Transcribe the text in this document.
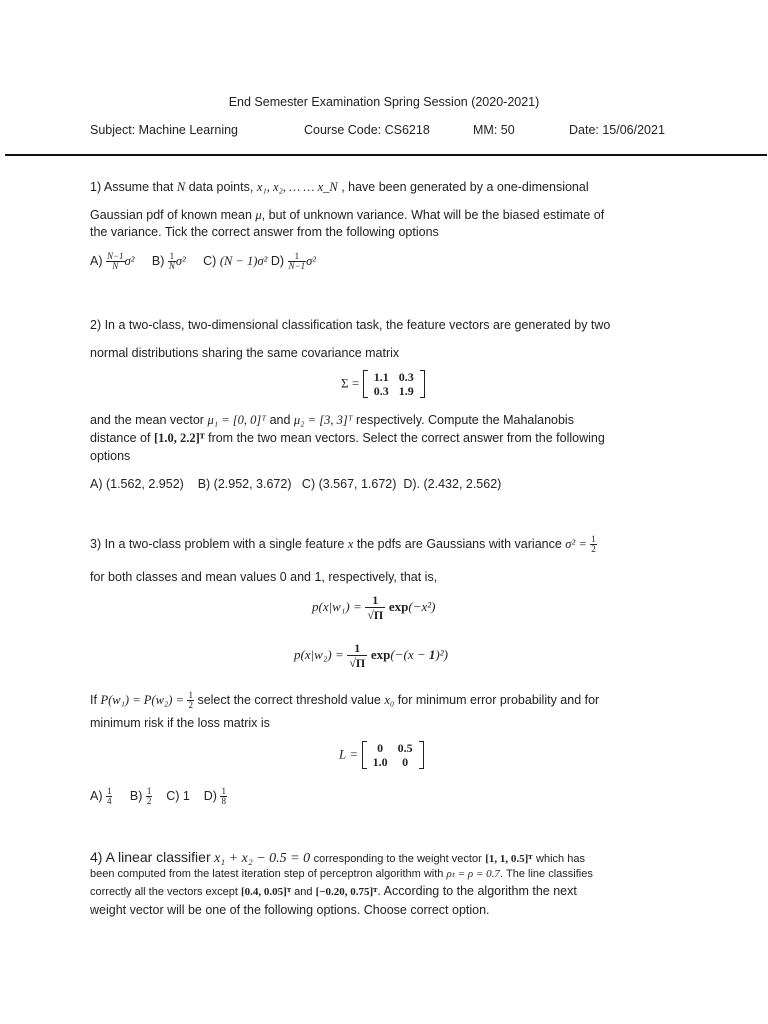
End Semester Examination Spring Session (2020-2021)
Subject: Machine Learning	Course Code: CS6218	MM: 50	Date: 15/06/2021
1) Assume that N data points, x₁, x₂, … … x_N , have been generated by a one-dimensional
Gaussian pdf of known mean μ, but of unknown variance. What will be the biased estimate of
the variance. Tick the correct answer from the following options
$A) \frac{N-1}{N} \sigma^2$ $B) \frac{1}{N} \sigma^2$ C) (N − 1)σ² $D) \frac{1}{N-1} \sigma^2$
2) In a two-class, two-dimensional classification task, the feature vectors are generated by two
normal distributions sharing the same covariance matrix
Σ = 1.1	0.3
0.3	1.9
and the mean vector μ₁ = [0, 0]ᵀ and μ₂ = [3, 3]ᵀ respectively. Compute the Mahalanobis
distance of [1.0, 2.2]ᵀ from the two mean vectors. Select the correct answer from the following
options
A) (1.562, 2.952)    B) (2.952, 3.672)   C) (3.567, 1.672)  D). (2.432, 2.562)
3) In a two-class problem with a single feature x the pdfs are Gaussians with variance $\sigma^2 = \frac{1}{2}$
for both classes and mean values 0 and 1, respectively, that is,
$p(x|w_1) = \frac{1}{√\Pi} \exp(-x^2)$
$p(x|w_2) = \frac{1}{√\Pi} \exp(-(x - 1)^2)$
If $P(w_1) = P(w_2) = \frac{1}{2}$ select the correct threshold value x₀ for minimum error probability and for
minimum risk if the loss matrix is
L = 0	0.5
1.0	0
$A) \frac{1}{4} B) \frac{1}{2} C$) 1 $D) \frac{1}{8}$
4) A linear classifier x₁ + x₂ − 0.5 = 0 corresponding to the weight vector [1, 1, 0.5]ᵀ which has
been computed from the latest iteration step of perceptron algorithm with ρₜ = ρ = 0.7. The line classifies
correctly all the vectors except [0.4, 0.05]ᵀ and [−0.20, 0.75]ᵀ. According to the algorithm the next
weight vector will be one of the following options. Choose correct option.
